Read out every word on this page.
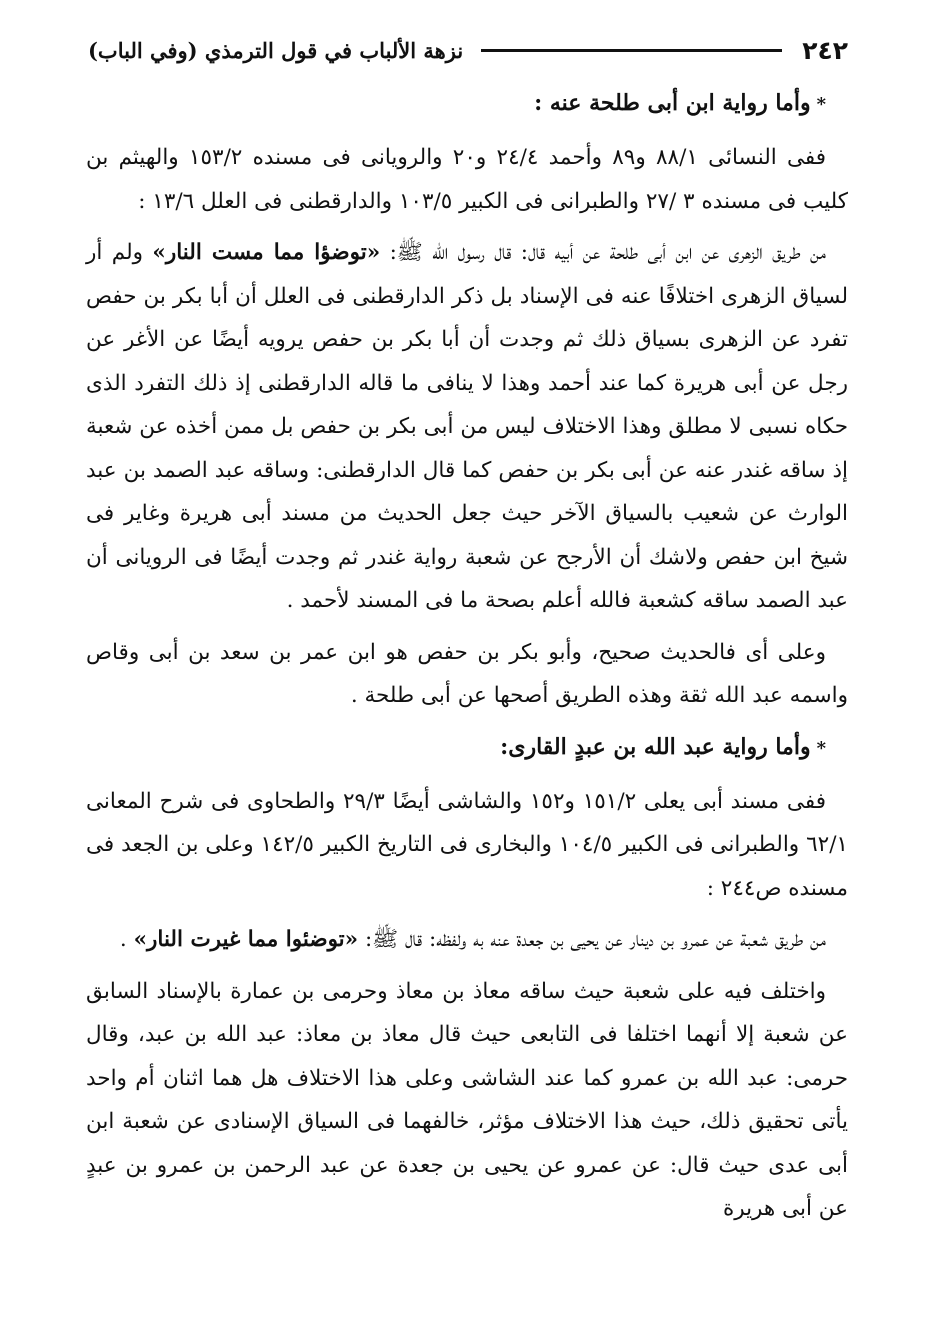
٢٤٢
نزهة الألباب في قول الترمذي (وفي الباب)
*وأما رواية ابن أبى طلحة عنه :

ففى النسائى ٨٨/١ و٨٩ وأحمد ٢٤/٤ و٢٠ والرويانى فى مسنده ١٥٣/٢ والهيثم بن كليب فى مسنده ٣ /٢٧ والطبرانى فى الكبير ١٠٣/٥ والدارقطنى فى العلل ١٣/٦ :

من طريق الزهرى عن ابن أبى طلحة عن أبيه قال: قال رسول الله ﷺ: «توضؤا مما مست النار» ولم أر لسياق الزهرى اختلافًا عنه فى الإسناد بل ذكر الدارقطنى فى العلل أن أبا بكر بن حفص تفرد عن الزهرى بسياق ذلك ثم وجدت أن أبا بكر بن حفص يرويه أيضًا عن الأغر عن رجل عن أبى هريرة كما عند أحمد وهذا لا ينافى ما قاله الدارقطنى إذ ذلك التفرد الذى حكاه نسبى لا مطلق وهذا الاختلاف ليس من أبى بكر بن حفص بل ممن أخذه عن شعبة إذ ساقه غندر عنه عن أبى بكر بن حفص كما قال الدارقطنى: وساقه عبد الصمد بن عبد الوارث عن شعيب بالسياق الآخر حيث جعل الحديث من مسند أبى هريرة وغاير فى شيخ ابن حفص ولاشك أن الأرجح عن شعبة رواية غندر ثم وجدت أيضًا فى الرويانى أن عبد الصمد ساقه كشعبة فالله أعلم بصحة ما فى المسند لأحمد .

وعلى أى فالحديث صحيح، وأبو بكر بن حفص هو ابن عمر بن سعد بن أبى وقاص واسمه عبد الله ثقة وهذه الطريق أصحها عن أبى طلحة .

*وأما رواية عبد الله بن عبدٍ القارى:

ففى مسند أبى يعلى ١٥١/٢ و١٥٢ والشاشى أيضًا ٢٩/٣ والطحاوى فى شرح المعانى ٦٢/١ والطبرانى فى الكبير ١٠٤/٥ والبخارى فى التاريخ الكبير ١٤٢/٥ وعلى بن الجعد فى مسنده ص٢٤٤ :

من طريق شعبة عن عمرو بن دينار عن يحيى بن جعدة عنه به ولفظه: قال ﷺ: «توضئوا مما غيرت النار» .

واختلف فيه على شعبة حيث ساقه معاذ بن معاذ وحرمى بن عمارة بالإسناد السابق عن شعبة إلا أنهما اختلفا فى التابعى حيث قال معاذ بن معاذ: عبد الله بن عبد، وقال حرمى: عبد الله بن عمرو كما عند الشاشى وعلى هذا الاختلاف هل هما اثنان أم واحد يأتى تحقيق ذلك، حيث هذا الاختلاف مؤثر، خالفهما فى السياق الإسنادى عن شعبة ابن أبى عدى حيث قال: عن عمرو عن يحيى بن جعدة عن عبد الرحمن بن عمرو بن عبدٍ عن أبى هريرة
